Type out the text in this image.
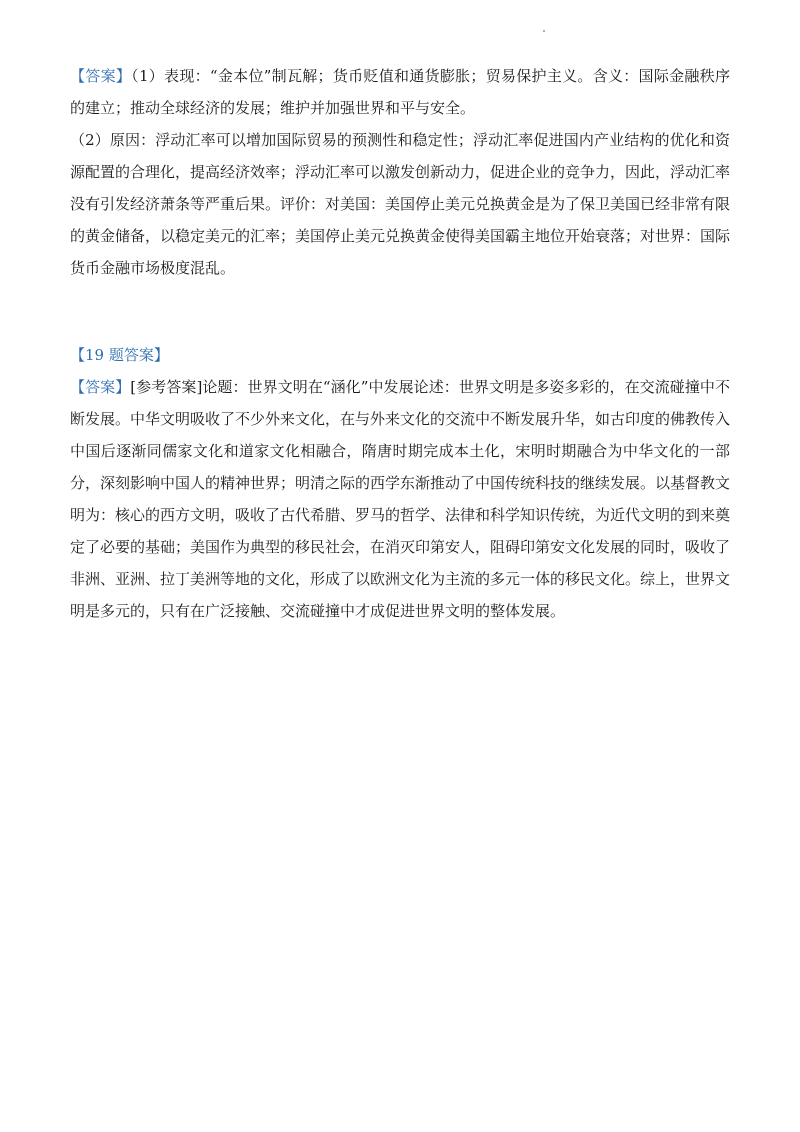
【答案】（1）表现：“金本位”制瓦解；货币贬值和通货膨胀；贸易保护主义。含义：国际金融秩序的建立；推动全球经济的发展；维护并加强世界和平与安全。

（2）原因：浮动汇率可以增加国际贸易的预测性和稳定性；浮动汇率促进国内产业结构的优化和资源配置的合理化，提高经济效率；浮动汇率可以激发创新动力，促进企业的竞争力，因此，浮动汇率没有引发经济萧条等严重后果。评价：对美国：美国停止美元兑换黄金是为了保卫美国已经非常有限的黄金储备，以稳定美元的汇率；美国停止美元兑换黄金使得美国霸主地位开始衰落；对世界：国际货币金融市场极度混乱。

【19 题答案】

【答案】[参考答案]论题：世界文明在“涵化”中发展论述：世界文明是多姿多彩的，在交流碰撞中不断发展。中华文明吸收了不少外来文化，在与外来文化的交流中不断发展升华，如古印度的佛教传入中国后逐渐同儒家文化和道家文化相融合，隋唐时期完成本土化，宋明时期融合为中华文化的一部分，深刻影响中国人的精神世界；明清之际的西学东渐推动了中国传统科技的继续发展。以基督教文明为：核心的西方文明，吸收了古代希腊、罗马的哲学、法律和科学知识传统，为近代文明的到来奠定了必要的基础；美国作为典型的移民社会，在消灭印第安人，阻碍印第安文化发展的同时，吸收了非洲、亚洲、拉丁美洲等地的文化，形成了以欧洲文化为主流的多元一体的移民文化。综上，世界文明是多元的，只有在广泛接触、交流碰撞中才成促进世界文明的整体发展。
